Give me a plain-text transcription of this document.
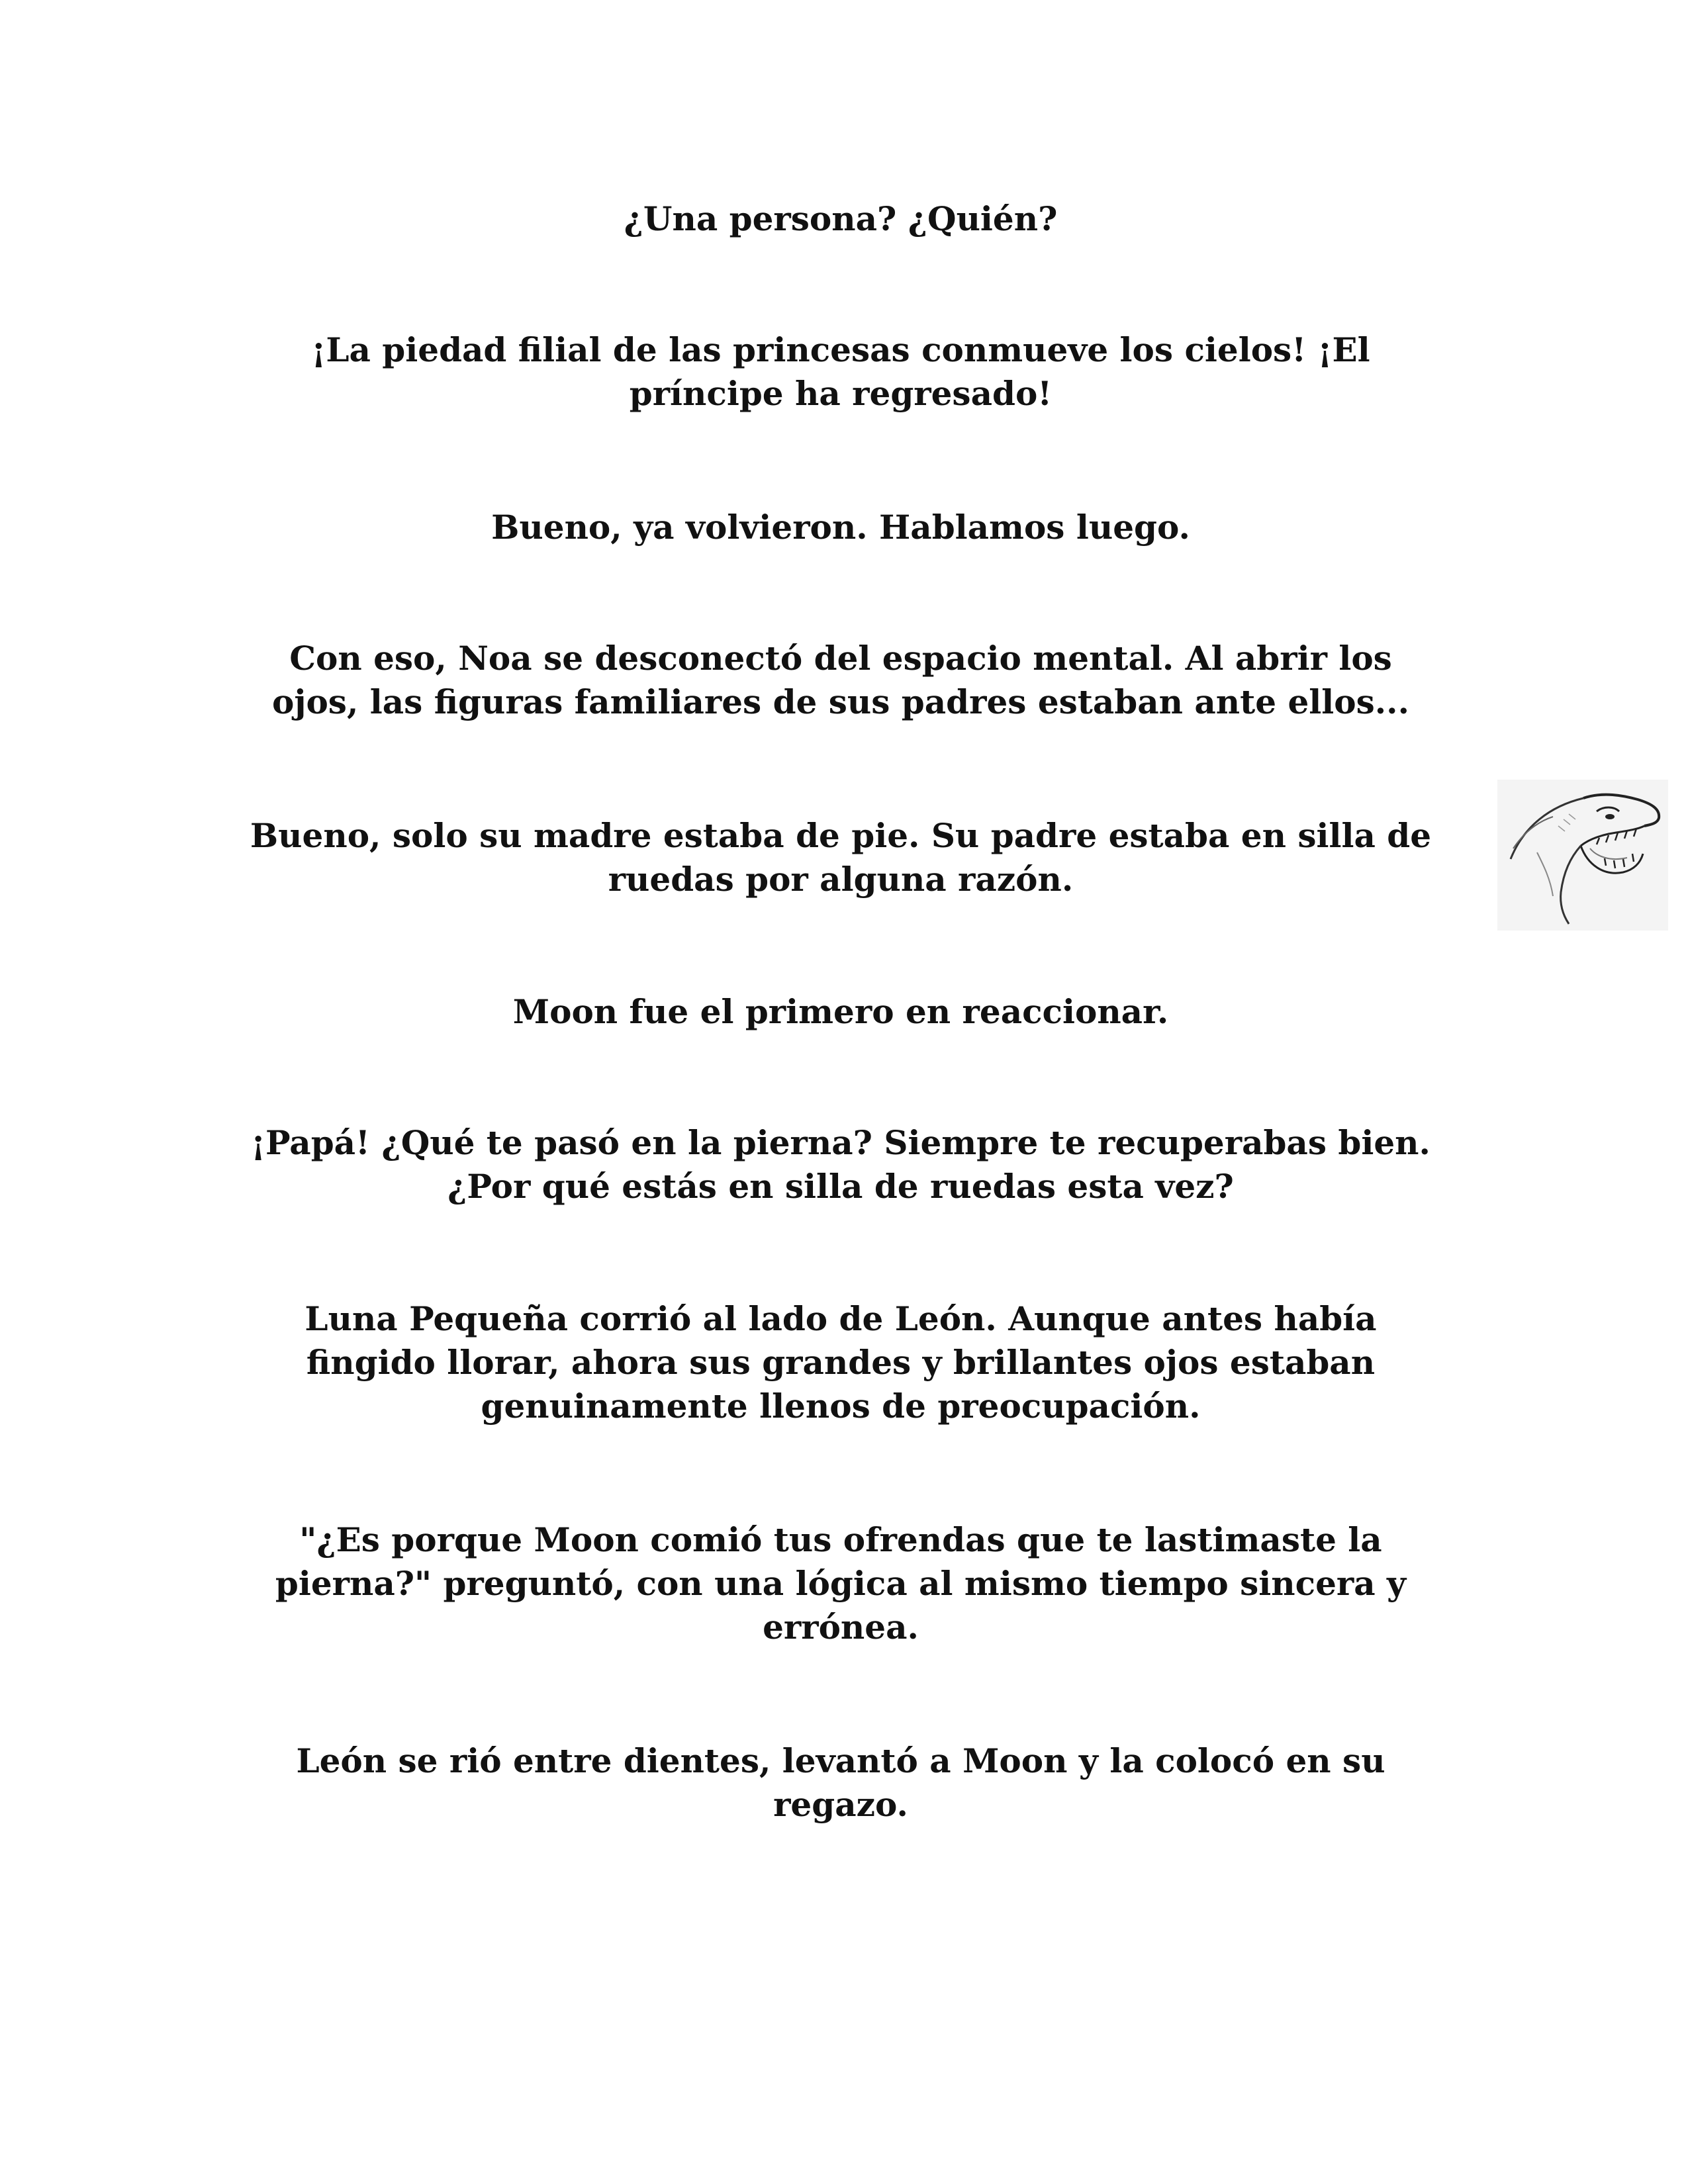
¿Una persona? ¿Quién?

¡La piedad filial de las princesas conmueve los cielos! ¡El
príncipe ha regresado!

Bueno, ya volvieron. Hablamos luego.

Con eso, Noa se desconectó del espacio mental. Al abrir los
ojos, las figuras familiares de sus padres estaban ante ellos...

Bueno, solo su madre estaba de pie. Su padre estaba en silla de
ruedas por alguna razón.

Moon fue el primero en reaccionar.

¡Papá! ¿Qué te pasó en la pierna? Siempre te recuperabas bien.
¿Por qué estás en silla de ruedas esta vez?

Luna Pequeña corrió al lado de León. Aunque antes había
fingido llorar, ahora sus grandes y brillantes ojos estaban
genuinamente llenos de preocupación.

"¿Es porque Moon comió tus ofrendas que te lastimaste la
pierna?" preguntó, con una lógica al mismo tiempo sincera y
errónea.

León se rió entre dientes, levantó a Moon y la colocó en su
regazo.
